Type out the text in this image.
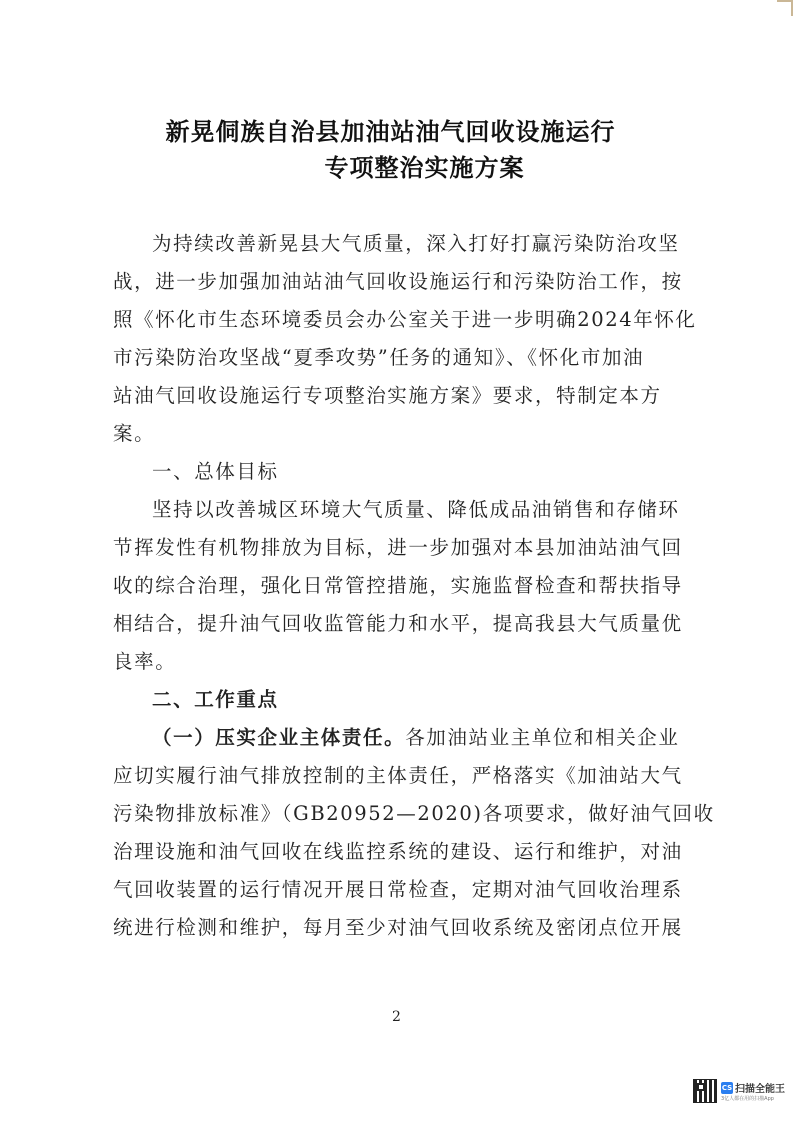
新晃侗族自治县加油站油气回收设施运行
专项整治实施方案
为持续改善新晃县大气质量，深入打好打赢污染防治攻坚
战，进一步加强加油站油气回收设施运行和污染防治工作，按
照《怀化市生态环境委员会办公室关于进一步明确2024年怀化
市污染防治攻坚战“夏季攻势”任务的通知》、《怀化市加油
站油气回收设施运行专项整治实施方案》要求，特制定本方
案。
一、总体目标
坚持以改善城区环境大气质量、降低成品油销售和存储环
节挥发性有机物排放为目标，进一步加强对本县加油站油气回
收的综合治理，强化日常管控措施，实施监督检查和帮扶指导
相结合，提升油气回收监管能力和水平，提高我县大气质量优
良率。
二、工作重点
（一）压实企业主体责任。各加油站业主单位和相关企业
应切实履行油气排放控制的主体责任，严格落实《加油站大气
污染物排放标准》（GB20952—2020)各项要求，做好油气回收
治理设施和油气回收在线监控系统的建设、运行和维护，对油
气回收装置的运行情况开展日常检查，定期对油气回收治理系
统进行检测和维护，每月至少对油气回收系统及密闭点位开展
2
CS 扫描全能王
3亿人都在用的扫描App
